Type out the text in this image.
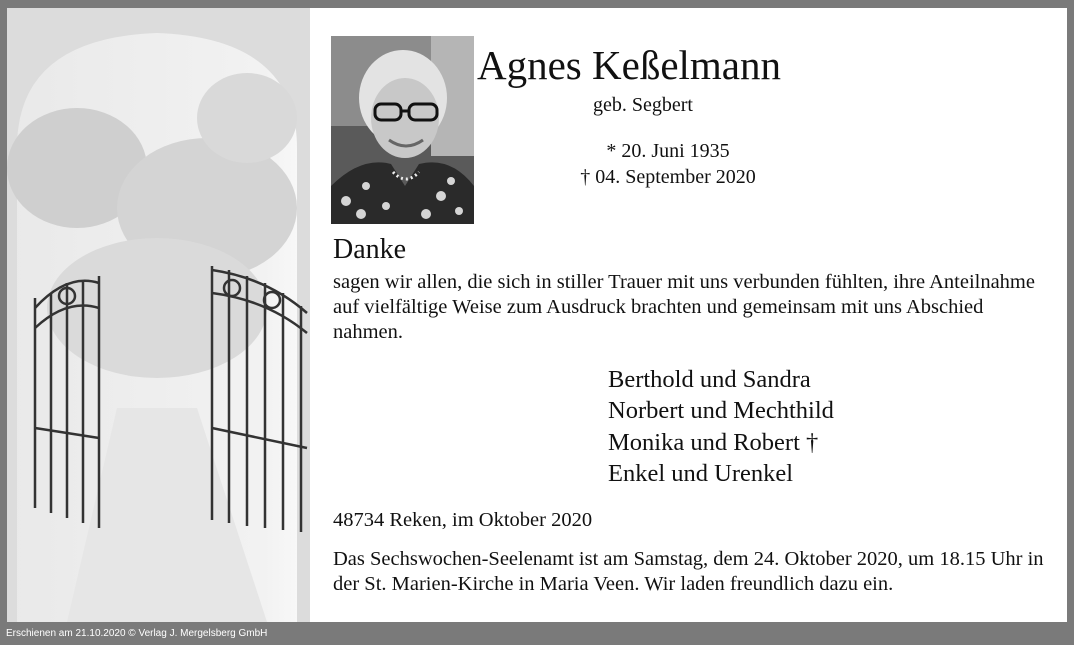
Agnes Keßelmann
geb. Segbert
* 20. Juni 1935
† 04. September 2020
Danke
sagen wir allen, die sich in stiller Trauer mit uns verbunden fühlten, ihre Anteilnahme auf vielfältige Weise zum Ausdruck brachten und gemeinsam mit uns Abschied nahmen.
Berthold und Sandra
Norbert und Mechthild
Monika und Robert †
Enkel und Urenkel
48734 Reken, im Oktober 2020
Das Sechswochen-Seelenamt ist am Samstag, dem 24. Oktober 2020, um 18.15 Uhr in der St. Marien-Kirche in Maria Veen. Wir laden freundlich dazu ein.
Erschienen am 21.10.2020 © Verlag J. Mergelsberg GmbH
